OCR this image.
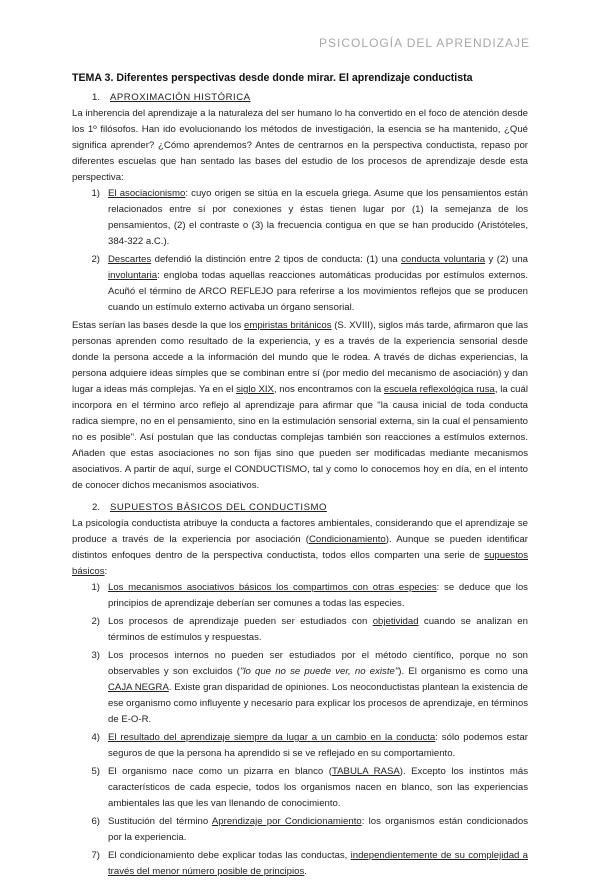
PSICOLOGÍA DEL APRENDIZAJE
TEMA 3. Diferentes perspectivas desde donde mirar. El aprendizaje conductista
1.	APROXIMACIÓN HISTÓRICA

La inherencia del aprendizaje a la naturaleza del ser humano lo ha convertido en el foco de atención desde los 1º filósofos. Han ido evolucionando los métodos de investigación, la esencia se ha mantenido, ¿Qué significa aprender? ¿Cómo aprendemos? Antes de centrarnos en la perspectiva conductista, repaso por diferentes escuelas que han sentado las bases del estudio de los procesos de aprendizaje desde esta perspectiva:

1) El asociacionismo: cuyo origen se sitúa en la escuela griega. Asume que los pensamientos están relacionados entre sí por conexiones y éstas tienen lugar por (1) la semejanza de los pensamientos, (2) el contraste o (3) la frecuencia contigua en que se han producido (Aristóteles, 384-322 a.C.).
2) Descartes defendió la distinción entre 2 tipos de conducta: (1) una conducta voluntaria y (2) una involuntaria: engloba todas aquellas reacciones automáticas producidas por estímulos externos. Acuñó el término de ARCO REFLEJO para referirse a los movimientos reflejos que se producen cuando un estímulo externo activaba un órgano sensorial.

Estas serían las bases desde la que los empiristas británicos (S. XVIII), siglos más tarde, afirmaron que las personas aprenden como resultado de la experiencia, y es a través de la experiencia sensorial desde donde la persona accede a la información del mundo que le rodea. A través de dichas experiencias, la persona adquiere ideas simples que se combinan entre sí (por medio del mecanismo de asociación) y dan lugar a ideas más complejas. Ya en el siglo XIX, nos encontramos con la escuela reflexológica rusa, la cuál incorpora en el término arco reflejo al aprendizaje para afirmar que "la causa inicial de toda conducta radica siempre, no en el pensamiento, sino en la estimulación sensorial externa, sin la cual el pensamiento no es posible". Así postulan que las conductas complejas también son reacciones a estímulos externos. Añaden que estas asociaciones no son fijas sino que pueden ser modificadas mediante mecanismos asociativos. A partir de aquí, surge el CONDUCTISMO, tal y como lo conocemos hoy en día, en el intento de conocer dichos mecanismos asociativos.

2.	SUPUESTOS BÁSICOS DEL CONDUCTISMO

La psicología conductista atribuye la conducta a factores ambientales, considerando que el aprendizaje se produce a través de la experiencia por asociación (Condicionamiento). Aunque se pueden identificar distintos enfoques dentro de la perspectiva conductista, todos ellos comparten una serie de supuestos básicos:

1) Los mecanismos asociativos básicos los compartimos con otras especies: se deduce que los principios de aprendizaje deberían ser comunes a todas las especies.
2) Los procesos de aprendizaje pueden ser estudiados con objetividad cuando se analizan en términos de estímulos y respuestas.
3) Los procesos internos no pueden ser estudiados por el método científico, porque no son observables y son excluidos ("lo que no se puede ver, no existe"). El organismo es como una CAJA NEGRA. Existe gran disparidad de opiniones. Los neoconductistas plantean la existencia de ese organismo como influyente y necesario para explicar los procesos de aprendizaje, en términos de E-O-R.
4) El resultado del aprendizaje siempre da lugar a un cambio en la conducta: sólo podemos estar seguros de que la persona ha aprendido si se ve reflejado en su comportamiento.
5) El organismo nace como un pizarra en blanco (TABULA RASA). Excepto los instintos más característicos de cada especie, todos los organismos nacen en blanco, son las experiencias ambientales las que les van llenando de conocimiento.
6) Sustitución del término Aprendizaje por Condicionamiento: los organismos están condicionados por la experiencia.
7) El condicionamiento debe explicar todas las conductas, independientemente de su complejidad a través del menor número posible de principios.
